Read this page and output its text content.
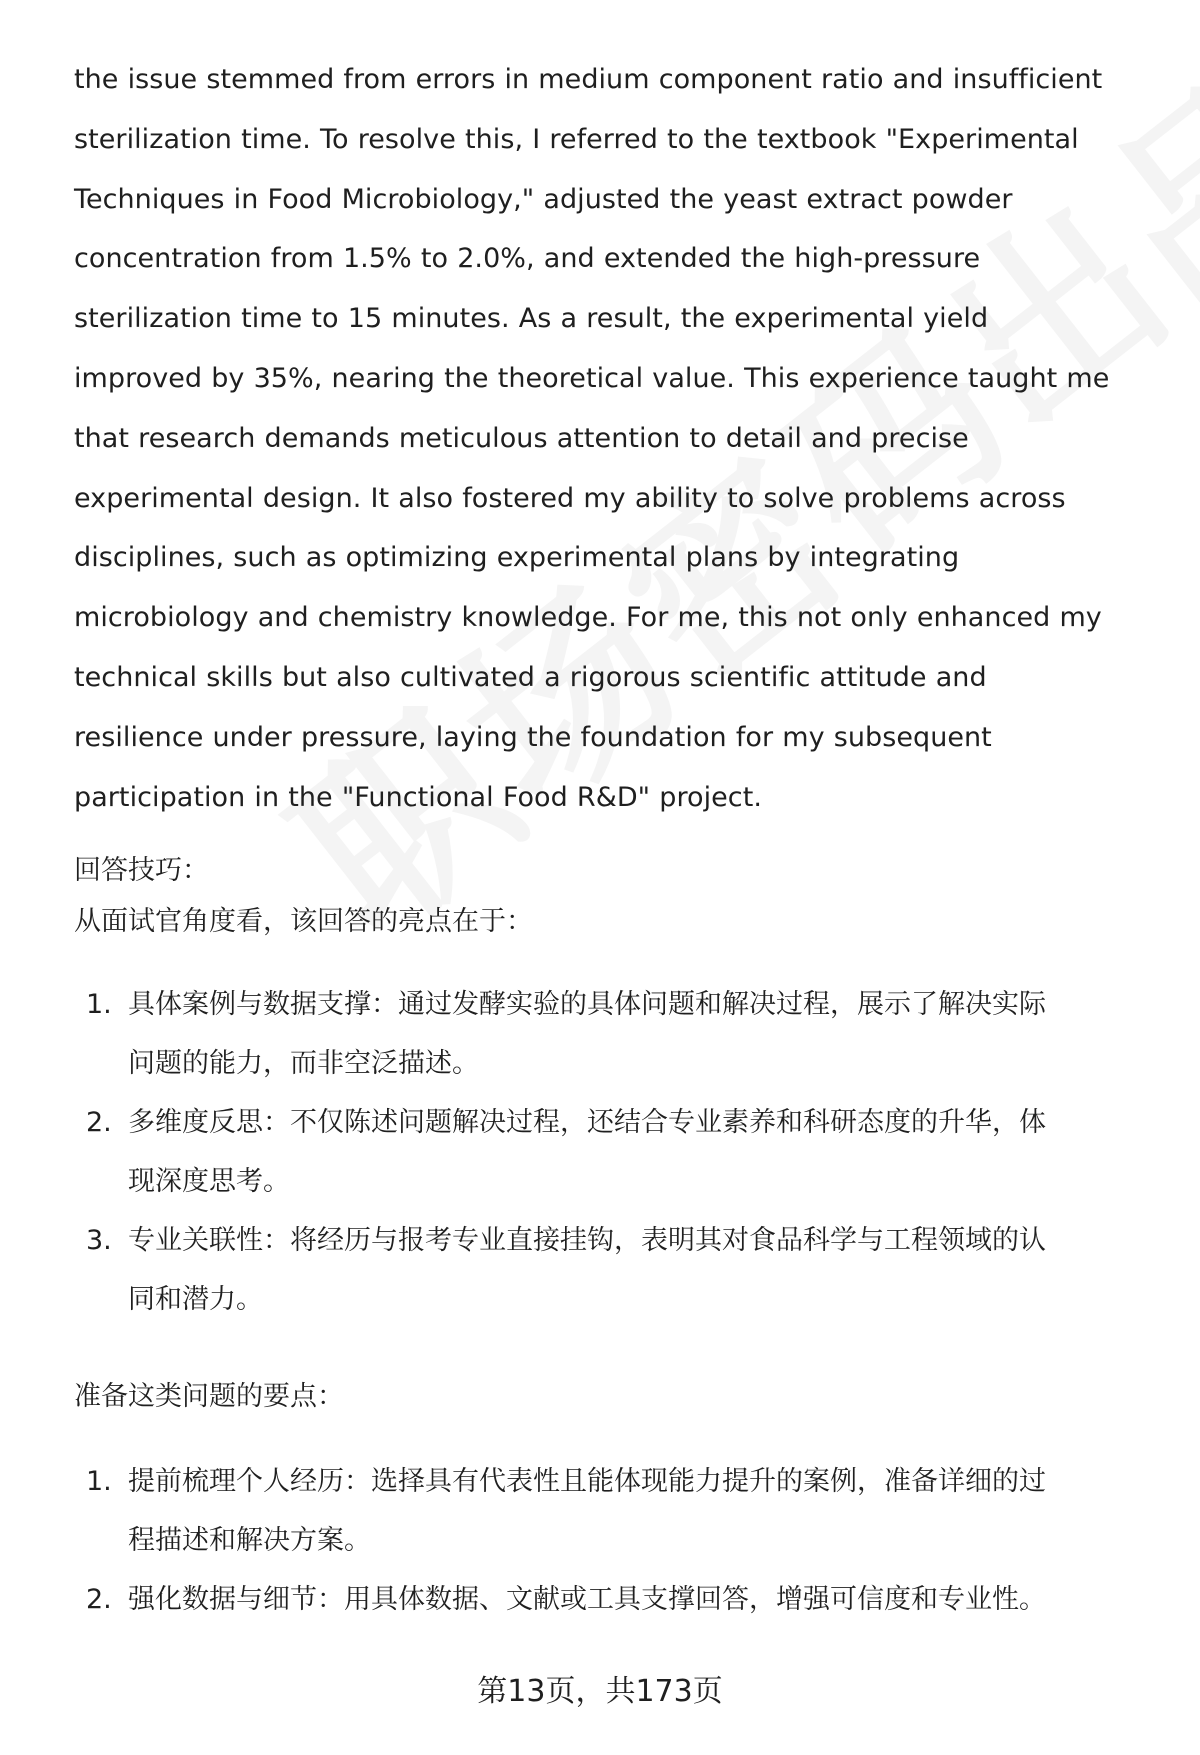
the issue stemmed from errors in medium component ratio and insufficient
sterilization time. To resolve this, I referred to the textbook "Experimental
Techniques in Food Microbiology," adjusted the yeast extract powder
concentration from 1.5% to 2.0%, and extended the high-pressure
sterilization time to 15 minutes. As a result, the experimental yield
improved by 35%, nearing the theoretical value. This experience taught me
that research demands meticulous attention to detail and precise
experimental design. It also fostered my ability to solve problems across
disciplines, such as optimizing experimental plans by integrating
microbiology and chemistry knowledge. For me, this not only enhanced my
technical skills but also cultivated a rigorous scientific attitude and
resilience under pressure, laying the foundation for my subsequent
participation in the "Functional Food R&D" project.

回答技巧：

从面试官角度看，该回答的亮点在于：

1. 具体案例与数据支撑：通过发酵实验的具体问题和解决过程，展示了解决实际
问题的能力，而非空泛描述。
2. 多维度反思：不仅陈述问题解决过程，还结合专业素养和科研态度的升华，体
现深度思考。
3. 专业关联性：将经历与报考专业直接挂钩，表明其对食品科学与工程领域的认
同和潜力。

准备这类问题的要点：

1. 提前梳理个人经历：选择具有代表性且能体现能力提升的案例，准备详细的过
程描述和解决方案。
2. 强化数据与细节：用具体数据、文献或工具支撑回答，增强可信度和专业性。
第13页，共173页
